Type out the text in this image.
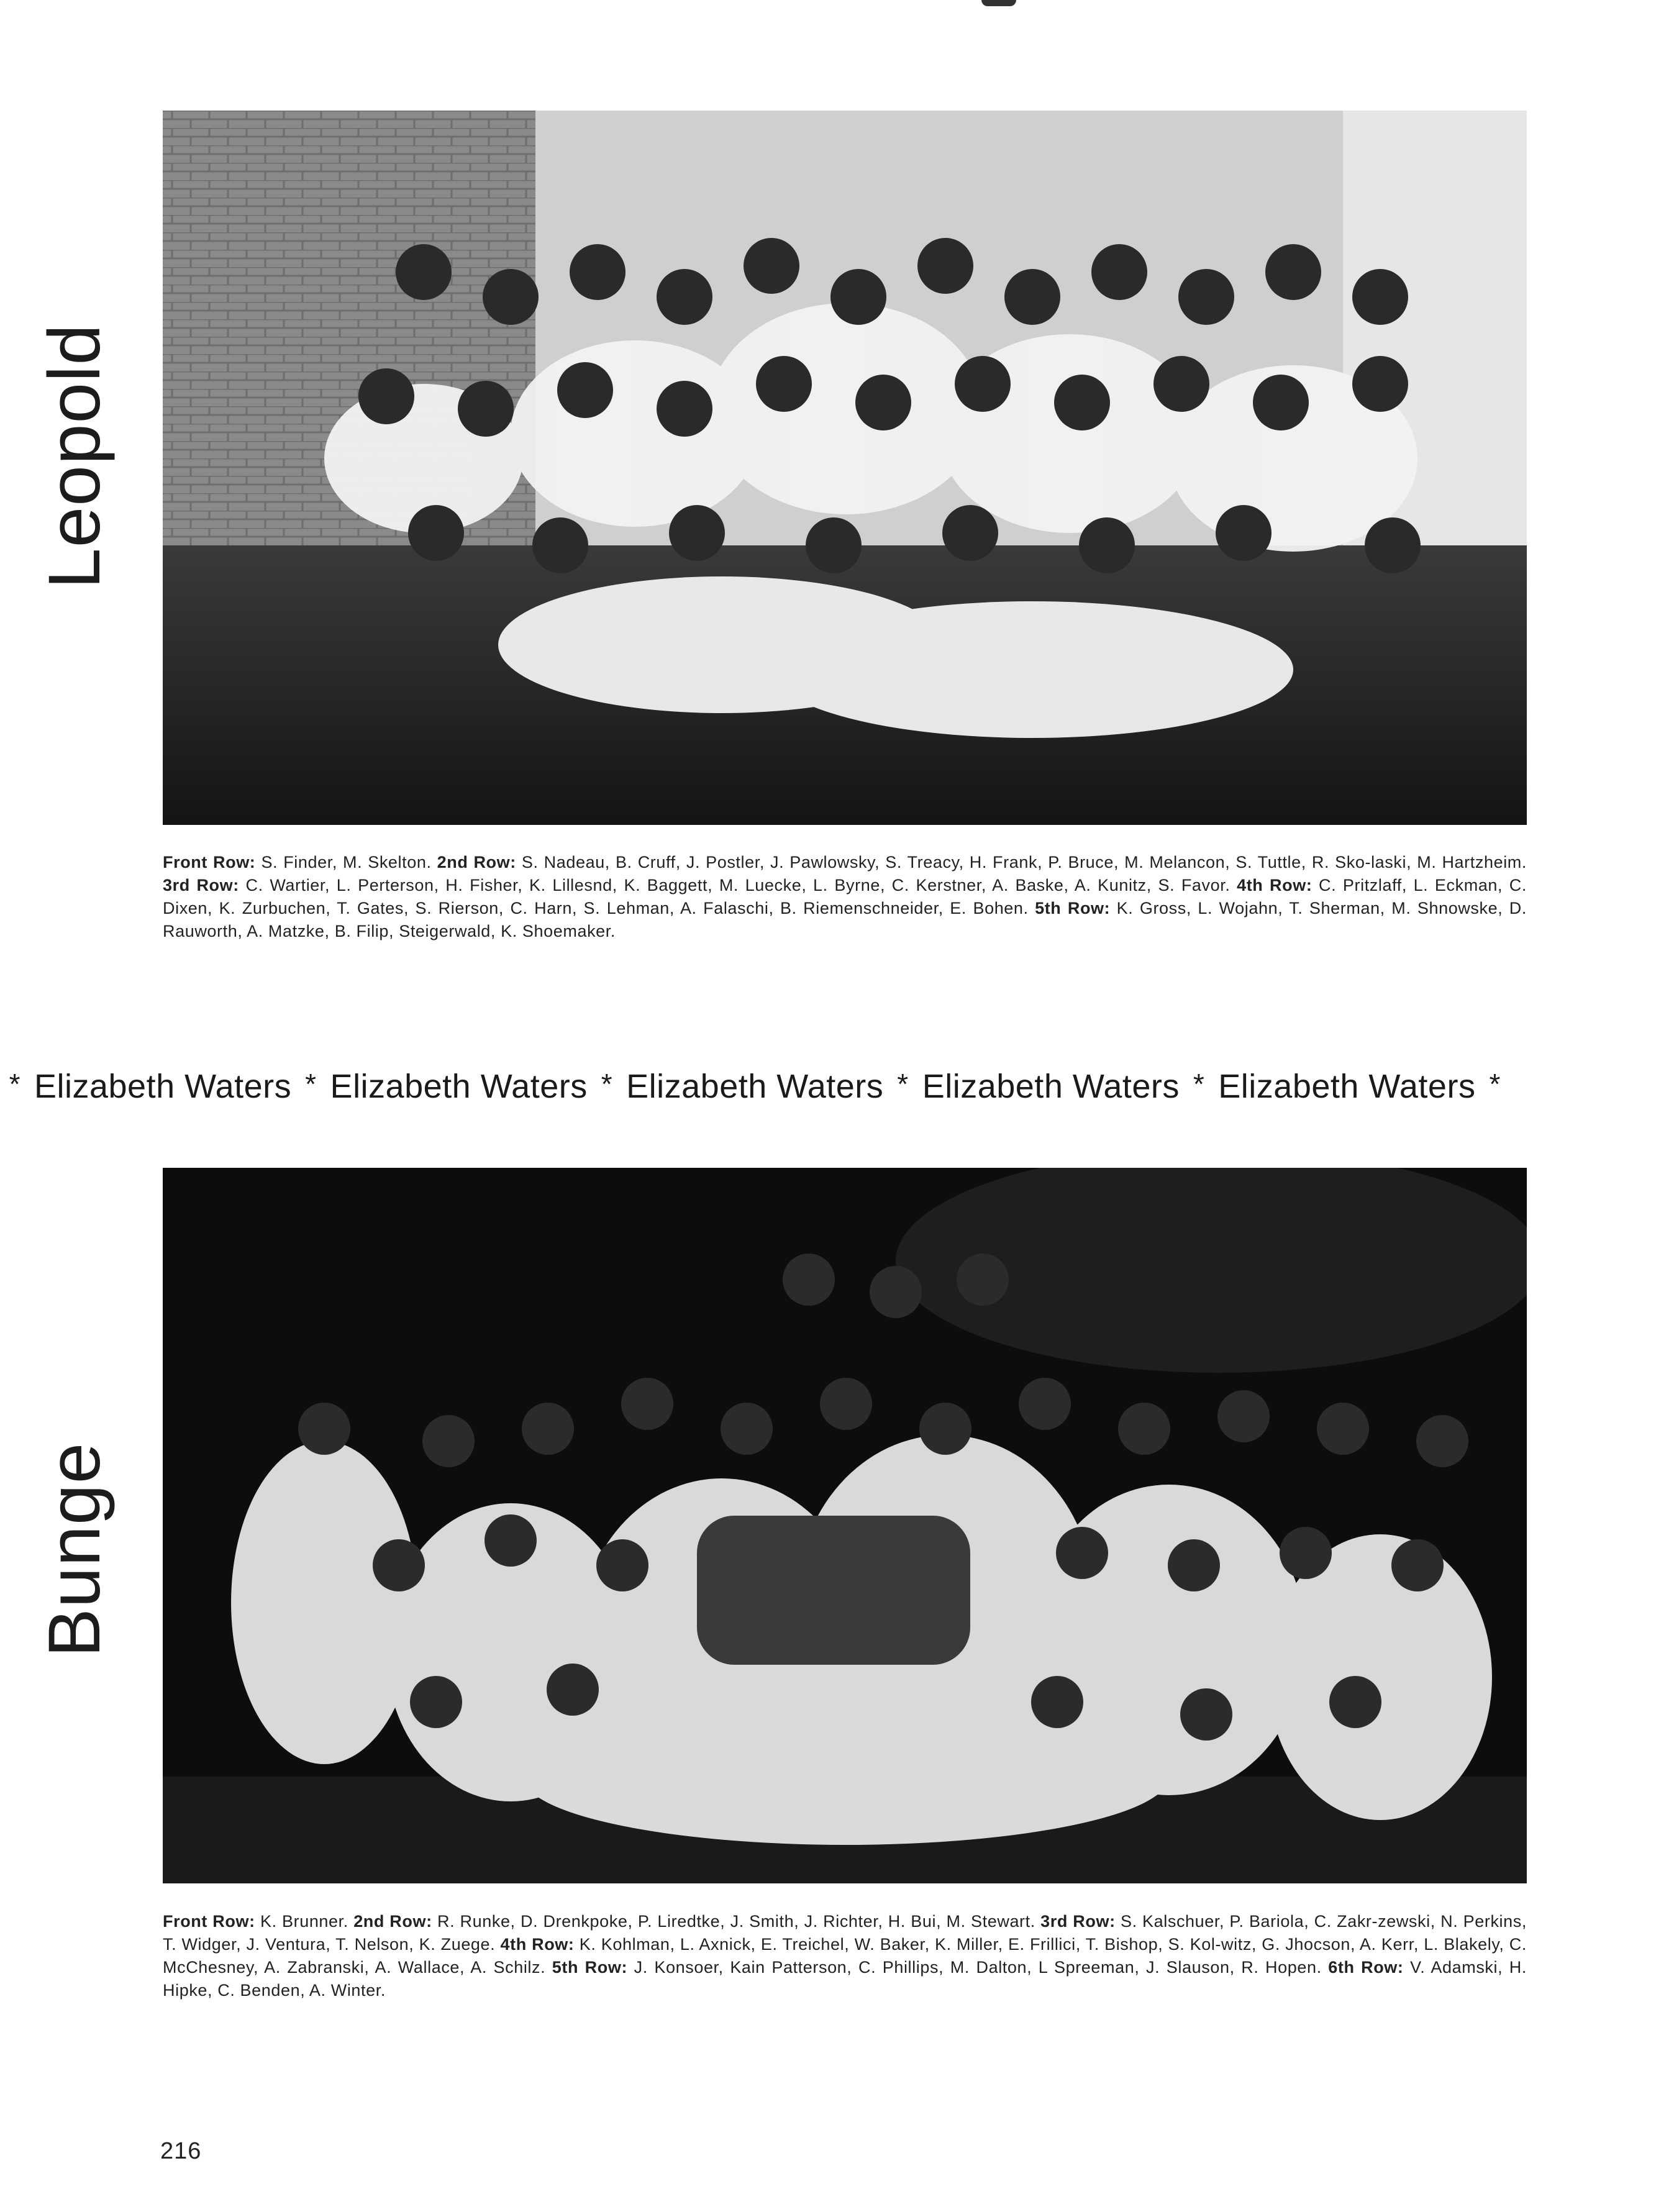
Leopold
Front Row: S. Finder, M. Skelton. 2nd Row: S. Nadeau, B. Cruff, J. Postler, J. Pawlowsky, S. Treacy, H. Frank, P. Bruce, M. Melancon, S. Tuttle, R. Sko-laski, M. Hartzheim. 3rd Row: C. Wartier, L. Perterson, H. Fisher, K. Lillesnd, K. Baggett, M. Luecke, L. Byrne, C. Kerstner, A. Baske, A. Kunitz, S. Favor. 4th Row: C. Pritzlaff, L. Eckman, C. Dixen, K. Zurbuchen, T. Gates, S. Rierson, C. Harn, S. Lehman, A. Falaschi, B. Riemenschneider, E. Bohen. 5th Row: K. Gross, L. Wojahn, T. Sherman, M. Shnowske, D. Rauworth, A. Matzke, B. Filip, Steigerwald, K. Shoemaker.
* Elizabeth Waters * Elizabeth Waters * Elizabeth Waters * Elizabeth Waters * Elizabeth Waters *
Bunge
Front Row: K. Brunner. 2nd Row: R. Runke, D. Drenkpoke, P. Liredtke, J. Smith, J. Richter, H. Bui, M. Stewart. 3rd Row: S. Kalschuer, P. Bariola, C. Zakr-zewski, N. Perkins, T. Widger, J. Ventura, T. Nelson, K. Zuege. 4th Row: K. Kohlman, L. Axnick, E. Treichel, W. Baker, K. Miller, E. Frillici, T. Bishop, S. Kol-witz, G. Jhocson, A. Kerr, L. Blakely, C. McChesney, A. Zabranski, A. Wallace, A. Schilz. 5th Row: J. Konsoer, Kain Patterson, C. Phillips, M. Dalton, L Spreeman, J. Slauson, R. Hopen. 6th Row: V. Adamski, H. Hipke, C. Benden, A. Winter.
216
